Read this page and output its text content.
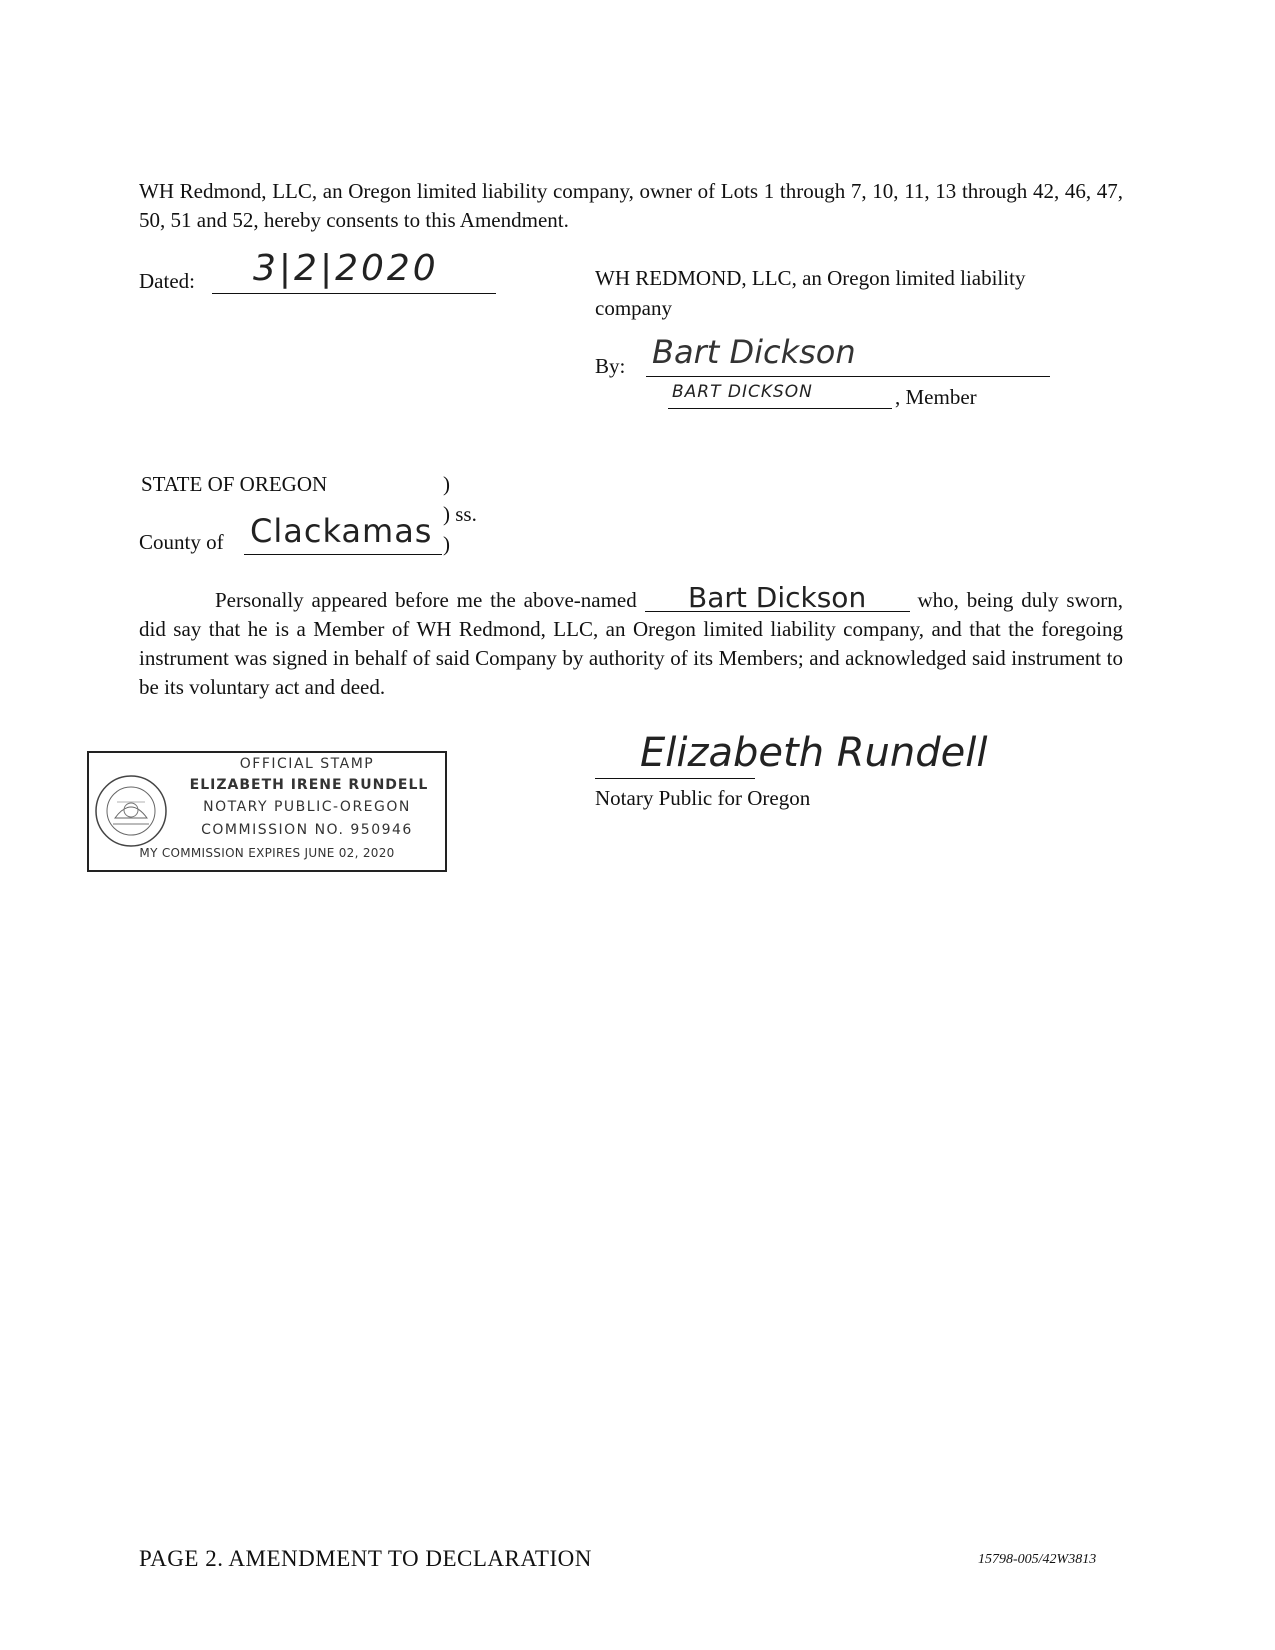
WH Redmond, LLC, an Oregon limited liability company, owner of Lots 1 through 7, 10, 11, 13 through 42, 46, 47, 50, 51 and 52, hereby consents to this Amendment.
Dated: 3|2|2020	WH REDMOND, LLC, an Oregon limited liability
company
By: Bart Dickson
BART DICKSON	, Member
STATE OF OREGON	)
) ss.
County of Clackamas )
Personally appeared before me the above-named Bart Dickson who, being duly sworn, did say that he is a Member of WH Redmond, LLC, an Oregon limited liability company, and that the foregoing instrument was signed in behalf of said Company by authority of its Members; and acknowledged said instrument to be its voluntary act and deed.
OFFICIAL STAMP
ELIZABETH IRENE RUNDELL
NOTARY PUBLIC-OREGON
COMMISSION NO. 950946
MY COMMISSION EXPIRES JUNE 02, 2020
Elizabeth Rundell
Notary Public for Oregon
PAGE 2. AMENDMENT TO DECLARATION	15798-005/42W3813
